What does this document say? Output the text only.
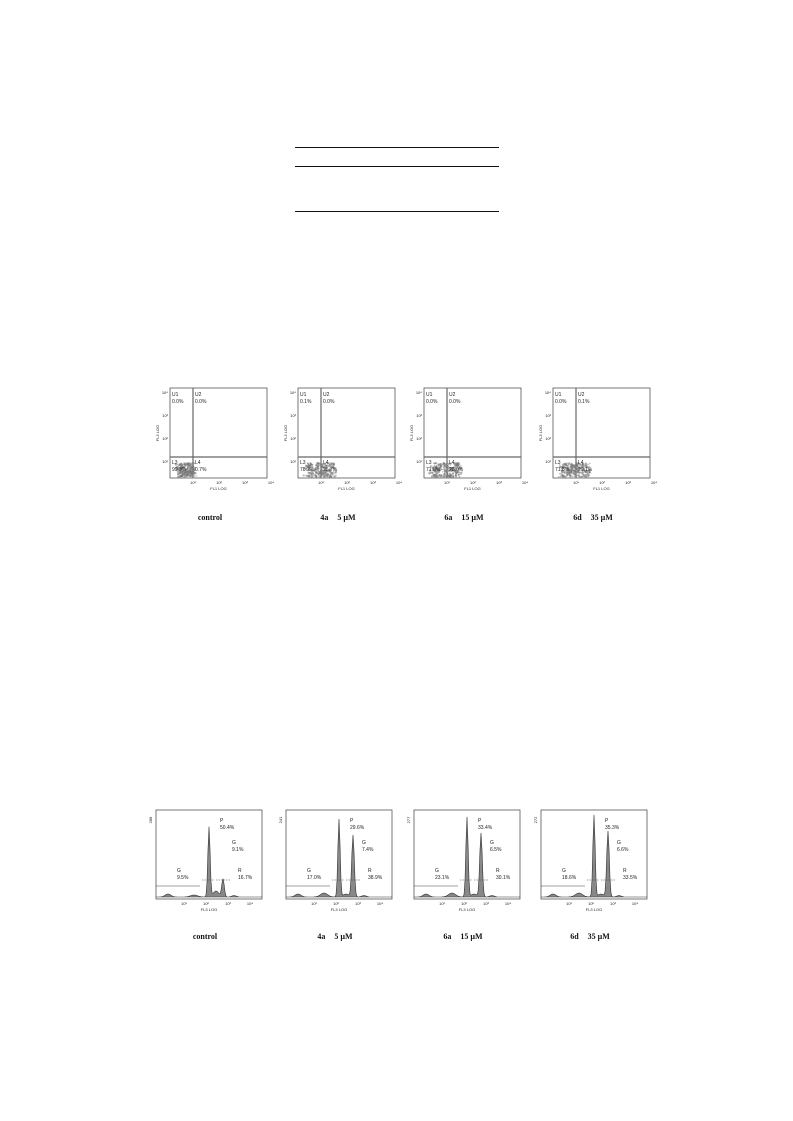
U1
0.0%
U2
0.0%
L3
99.3%
L4
0.7%
10⁴
10³
10²
10¹
10¹	10²	10³	10⁴
FL1 LOG
FL3 LOG
control
U1
0.1%
U2
0.0%
L3
78.2%
L4
25.7%
10⁴
10³
10²
10¹
10¹	10²	10³	10⁴
FL1 LOG
FL3 LOG
4a 5 µM
U1
0.0%
U2
0.0%
L3
71.8%
L4
28.0%
10⁴
10³
10²
10¹
10¹	10²	10³	10⁴
FL1 LOG
FL3 LOG
6a 15 µM
U1
0.0%
U2
0.1%
L3
71.8%
L4
29.1%
10⁴
10³
10²
10¹
10¹	10²	10³	10⁴
FL1 LOG
FL3 LOG
6d 35 µM
288	P
50.4%
G
9.1%
G
9.5%
R
16.7%
10¹	10²	10³	10⁴
FL3 LOG
control
241	P
29.6%
G
7.4%
G
17.0%
R
38.9%
10¹	10²	10³	10⁴
FL3 LOG
4a 5 µM
277	P
33.4%
G
6.5%
G
23.1%
R
30.1%
10¹	10²	10³	10⁴
FL3 LOG
6a 15 µM
272	P
35.3%
G
6.6%
G
18.6%
R
33.5%
10¹	10²	10³	10⁴
FL3 LOG
6d 35 µM
